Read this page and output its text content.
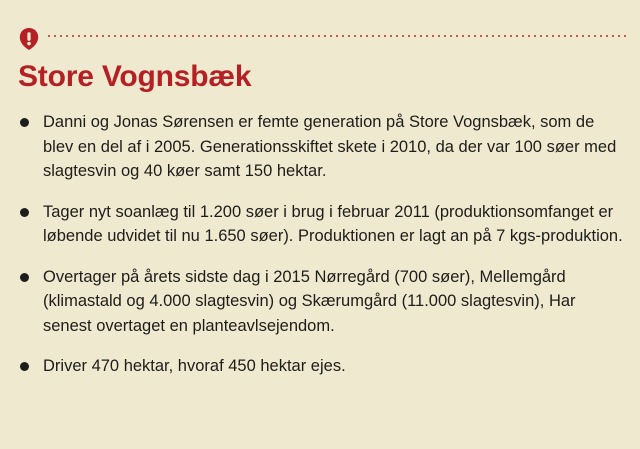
Store Vognsbæk
Danni og Jonas Sørensen er femte generation på Store Vognsbæk, som de blev en del af i 2005. Generationsskiftet skete i 2010, da der var 100 søer med slagtesvin og 40 køer samt 150 hektar.
Tager nyt soanlæg til 1.200 søer i brug i februar 2011 (produktionsomfanget er løbende udvidet til nu 1.650 søer). Produktionen er lagt an på 7 kgs-produktion.
Overtager på årets sidste dag i 2015 Nørregård (700 søer), Mellemgård (klimastald og 4.000 slagtesvin) og Skærumgård (11.000 slagtesvin), Har senest overtaget en planteavlsejendom.
Driver 470 hektar, hvoraf 450 hektar ejes.
